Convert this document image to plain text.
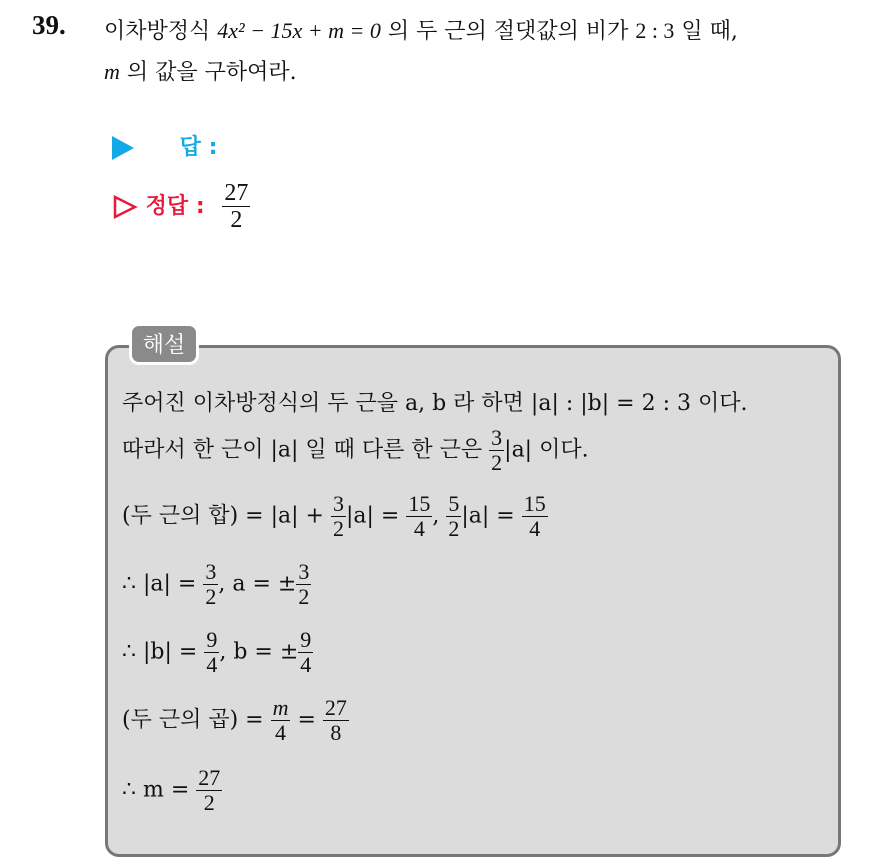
39. 이차방정식 4x² − 15x + m = 0 의 두 근의 절댓값의 비가 2 : 3 일 때,
m 의 값을 구하여라.
답 :
정답 : $\frac{27}{2}$
해설
주어진 이차방정식의 두 근을 a, b 라 하면 |a| : |b| = 2 : 3 이다.
따라서 한 근이 |a| 일 때 다른 한 근은 $\frac{3}{2} |a|$ 이다.
(두 근의 합) = $|a| + \frac{3}{2} |a| = \frac{15}{4}$ , $\frac{5}{2} |a| = \frac{15}{4}$
∴ $|a| = \frac{3}{2}$ , a = ± $\frac{3}{2}$
∴ $|b| = \frac{9}{4}$ , b = ± $\frac{9}{4}$
(두 근의 곱) = $\frac{m}{4} = \frac{27}{8}$
∴ $m = \frac{27}{2}$
